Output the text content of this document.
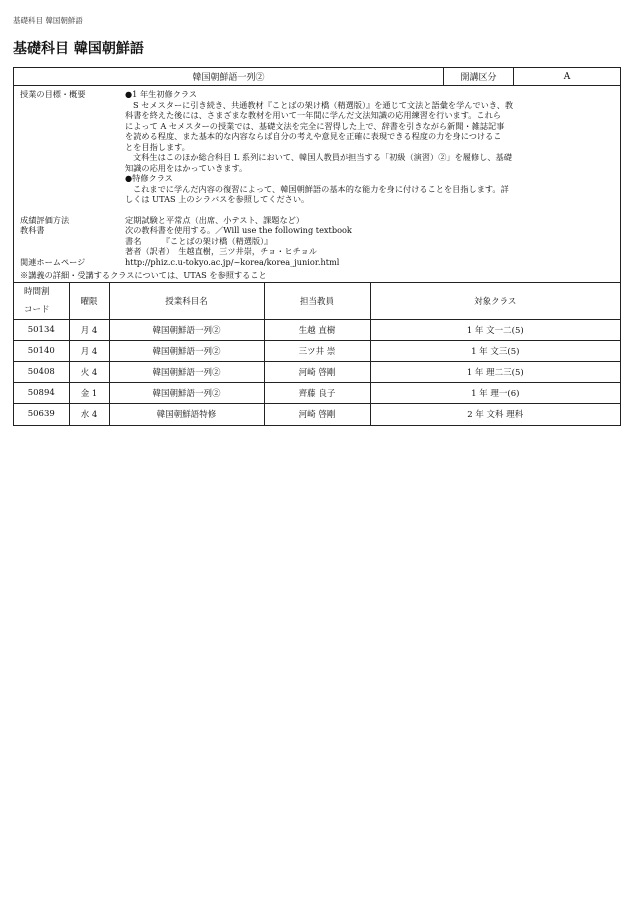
基礎科目 韓国朝鮮語
基礎科目 韓国朝鮮語
韓国朝鮮語一列②	開講区分	A
授業の目標・概要	●1 年生初修クラス

S セメスターに引き続き、共通教材『ことばの架け橋（精選版）』を通じて文法と語彙を学んでいき、教

科書を終えた後には、さまざまな教材を用いて一年間に学んだ文法知識の応用練習を行います。これら

によって A セメスターの授業では、基礎文法を完全に習得した上で、辞書を引きながら新聞・雑誌記事

を読める程度、また基本的な内容ならば自分の考えや意見を正確に表現できる程度の力を身につけるこ

とを目指します。

文科生はこのほか総合科目 L 系列において、韓国人教員が担当する「初級（演習）②」を履修し、基礎

知識の応用をはかっていきます。

●特修クラス

これまでに学んだ内容の復習によって、韓国朝鮮語の基本的な能力を身に付けることを目指します。詳

しくは UTAS 上のシラバスを参照してください。

成績評価方法	定期試験と平常点（出席、小テスト、課題など）
教科書	次の教科書を使用する。／Will use the following textbook

書名　　　『ことばの架け橋（精選版）』

著者（訳者）　生越直樹，三ツ井崇，チョ・ヒチョル

関連ホームページ	http://phiz.c.u-tokyo.ac.jp/~korea/korea_junior.html
※講義の詳細・受講するクラスについては、UTAS を参照すること
時間割
コード	曜限	授業科目名	担当教員	対象クラス
50134	月 4	韓国朝鮮語一列②	生越 直樹	1 年 文一二(5)
50140	月 4	韓国朝鮮語一列②	三ツ井 崇	1 年 文三(5)
50408	火 4	韓国朝鮮語一列②	河崎 啓剛	1 年 理二三(5)
50894	金 1	韓国朝鮮語一列②	齊藤 良子	1 年 理一(6)
50639	水 4	韓国朝鮮語特修	河崎 啓剛	2 年 文科 理科
